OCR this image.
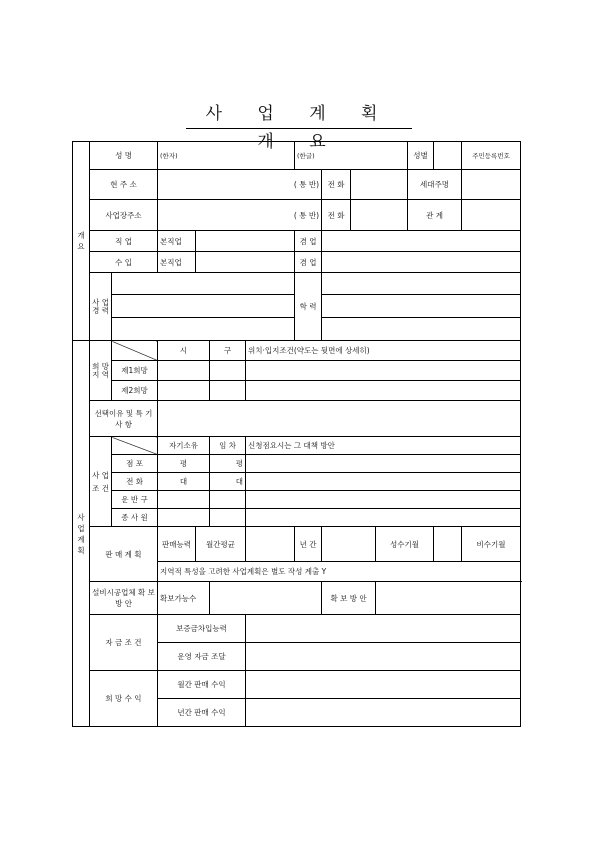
사 업 계 획 개 요
개 요	성 명		(한자)				(한글)				성별		주민등록번호	
	현 주 소		( 통 반)					전 화			세대주명			
	사업장주소		( 통 반)					전 화			관 계			
	직 업		본직업				겸 업							
	수 입		본직업				겸 업							
	사 업 경 력						학 력							

사 업 계 획	희 망 지 역		시		구	위치·입지조건(약도는 뒷면에 상세히)								
		제1희망												
		제2희망												
	선택이유 및 특 기 사 항													
	사 업 조 건		자기소유		임 차	신청점요시는 그 대책 방안								
		점 포	평		평									
		전 화	대		대									
		운 반 구												
		종 사 원												
	판 매 계 획		판매능력	월간평균			년 간			성수기월			비수기월	
			지역적 특성을 고려한 사업계획은 별도 작성 계출 Y											
	설비시공업체 확 보 방 안		확보가능수					확 보 방 안						
	자 금 조 건		보증금차입능력											
			운영 자금 조달											
	희 망 수 익		월간 판매 수익											
			년간 판매 수익											
